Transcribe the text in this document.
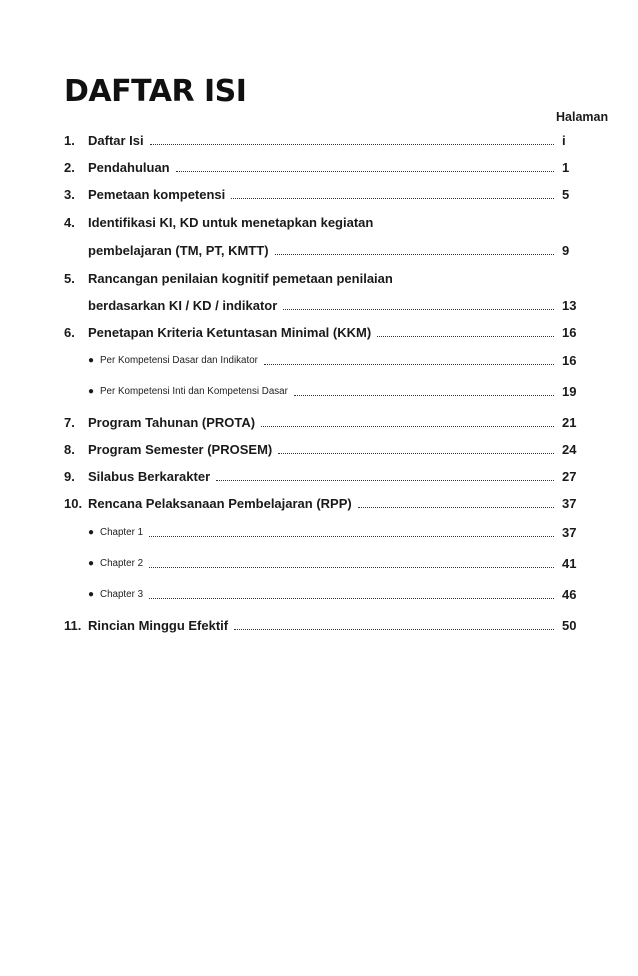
DAFTAR ISI
Halaman
1.	Daftar Isi	i
2.	Pendahuluan	1
3.	Pemetaan kompetensi	5
4.	Identifikasi KI, KD untuk menetapkan kegiatan
pembelajaran (TM, PT, KMTT)	9
5.	Rancangan penilaian kognitif pemetaan penilaian
berdasarkan KI / KD / indikator	13
6.	Penetapan Kriteria Ketuntasan Minimal (KKM)	16
● Per Kompetensi Dasar dan Indikator	16
● Per Kompetensi Inti dan Kompetensi Dasar	19
7.	Program Tahunan (PROTA)	21
8.	Program Semester (PROSEM)	24
9.	Silabus Berkarakter	27
10. Rencana Pelaksanaan Pembelajaran (RPP)	37
● Chapter 1	37
● Chapter 2	41
● Chapter 3	46
11. Rincian Minggu Efektif	50
